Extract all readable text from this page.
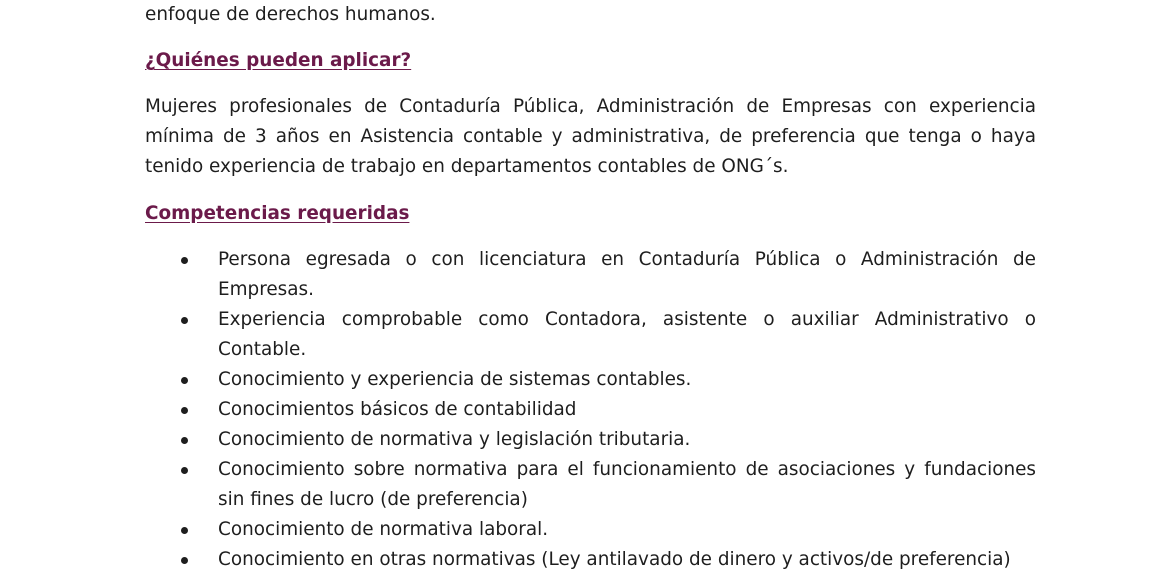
enfoque de derechos humanos.
¿Quiénes pueden aplicar?

Mujeres profesionales de Contaduría Pública, Administración de Empresas con experiencia mínima de 3 años en Asistencia contable y administrativa, de preferencia que tenga o haya tenido experiencia de trabajo en departamentos contables de ONG´s.

Competencias requeridas
Persona egresada o con licenciatura en Contaduría Pública o Administración de Empresas.
Experiencia comprobable como Contadora, asistente o auxiliar Administrativo o Contable.
Conocimiento y experiencia de sistemas contables.
Conocimientos básicos de contabilidad
Conocimiento de normativa y legislación tributaria.
Conocimiento sobre normativa para el funcionamiento de asociaciones y fundaciones sin fines de lucro (de preferencia)
Conocimiento de normativa laboral.
Conocimiento en otras normativas (Ley antilavado de dinero y activos/de preferencia)
